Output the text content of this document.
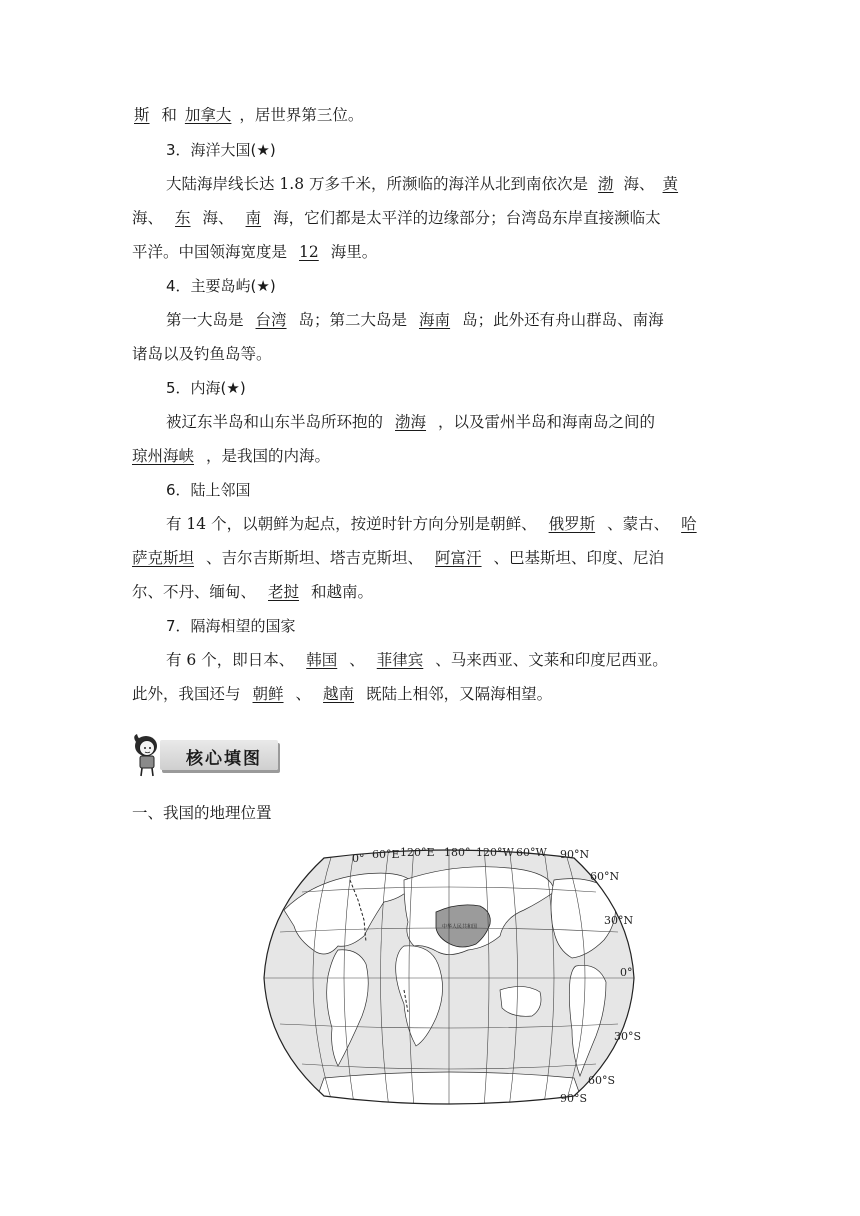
斯 和 加拿大 ，居世界第三位。
3．海洋大国(★)
大陆海岸线长达 1.8 万多千米，所濒临的海洋从北到南依次是 渤 海、 黄
海、 东 海、 南 海，它们都是太平洋的边缘部分；台湾岛东岸直接濒临太
平洋。中国领海宽度是 12 海里。
4．主要岛屿(★)
第一大岛是 台湾 岛；第二大岛是 海南 岛；此外还有舟山群岛、南海
诸岛以及钓鱼岛等。
5．内海(★)
被辽东半岛和山东半岛所环抱的 渤海 ，以及雷州半岛和海南岛之间的
琼州海峡 ，是我国的内海。
6．陆上邻国
有 14 个，以朝鲜为起点，按逆时针方向分别是朝鲜、 俄罗斯 、蒙古、 哈
萨克斯坦 、吉尔吉斯斯坦、塔吉克斯坦、 阿富汗 、巴基斯坦、印度、尼泊
尔、不丹、缅甸、 老挝 和越南。
7．隔海相望的国家
有 6 个，即日本、 韩国 、 菲律宾 、马来西亚、文莱和印度尼西亚。
此外，我国还与 朝鲜 、 越南 既陆上相邻，又隔海相望。
核心填图
一、我国的地理位置
0° 60°E 120°E 180° 120°W 60°W 90°N
60°N
30°N
0°
30°S
60°S
90°S
中华人民共和国
